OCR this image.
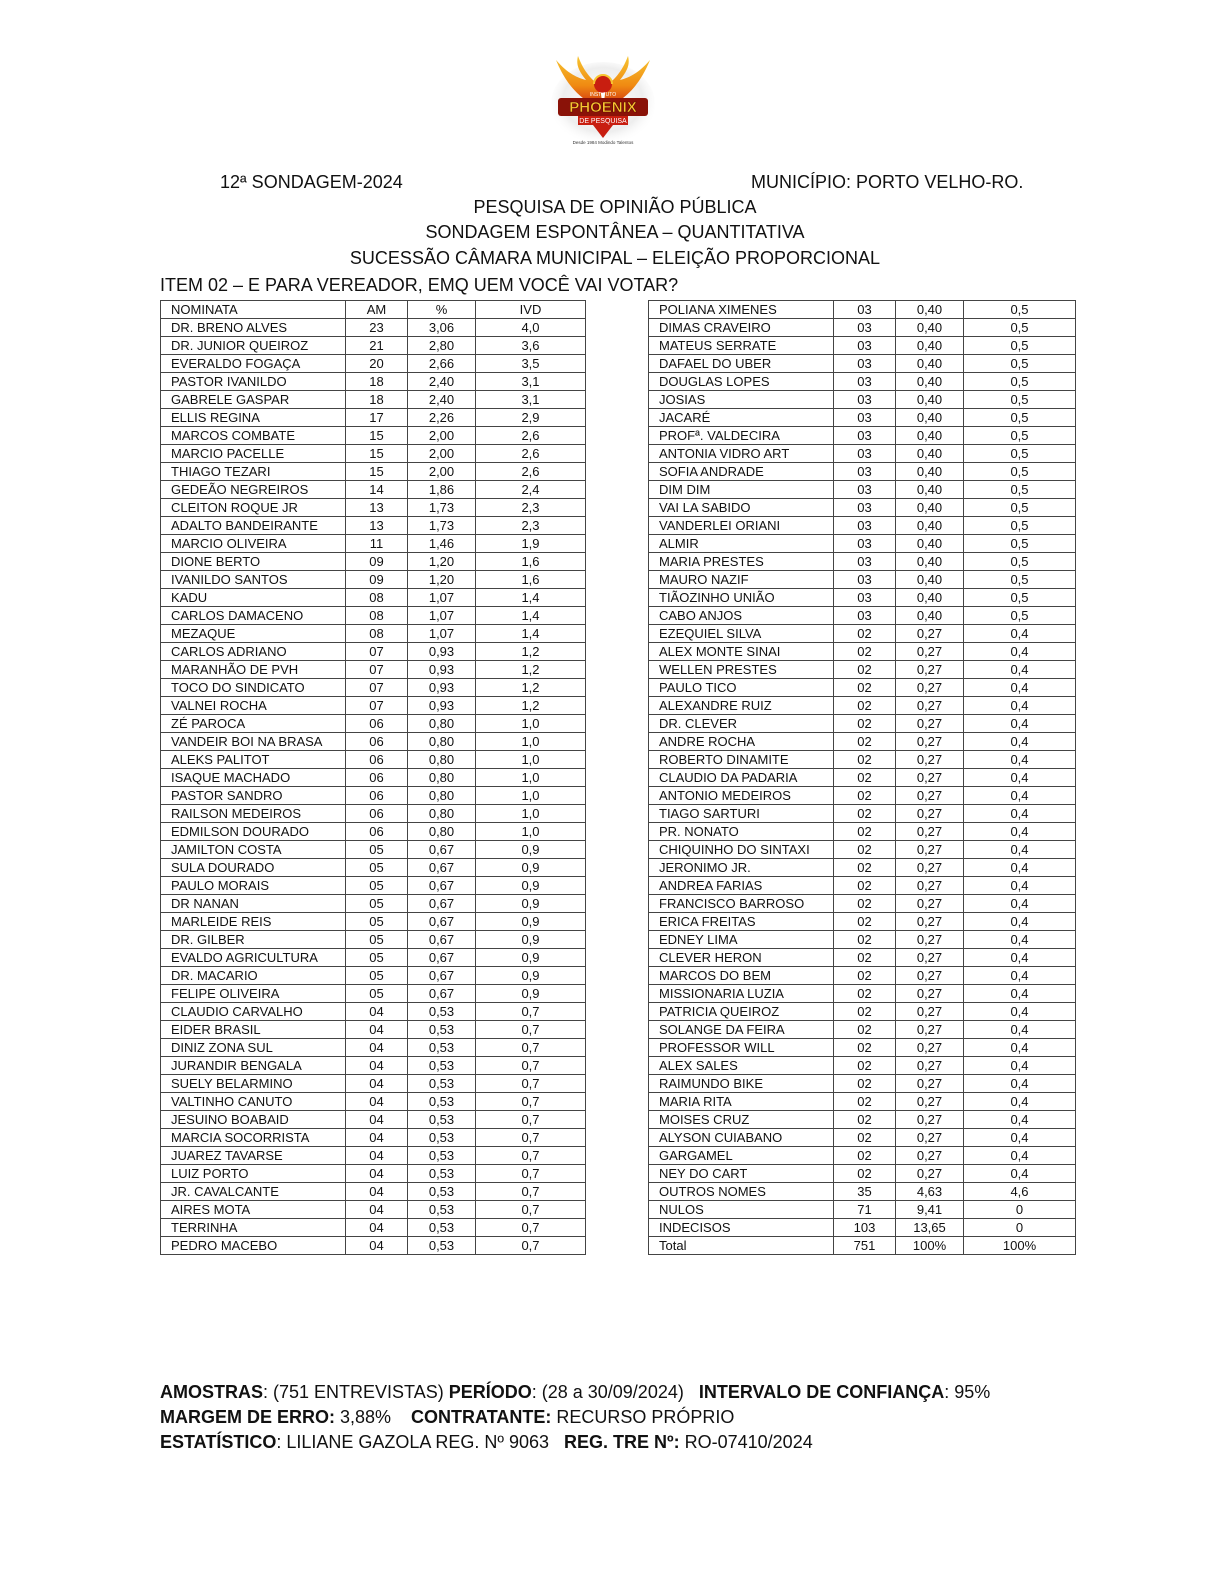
PHOENIX
DE PESQUISA
INSTITUTO
Desde 1984 Modindo Talentos
12ª SONDAGEM-2024	MUNICÍPIO: PORTO VELHO-RO.
PESQUISA DE OPINIÃO PÚBLICA
SONDAGEM ESPONTÂNEA – QUANTITATIVA
SUCESSÃO CÂMARA MUNICIPAL – ELEIÇÃO PROPORCIONAL
ITEM 02 – E PARA VEREADOR, EMQ UEM VOCÊ VAI VOTAR?
NOMINATA	AM	%	IVD
DR. BRENO ALVES	23	3,06	4,0
DR. JUNIOR QUEIROZ	21	2,80	3,6
EVERALDO FOGAÇA	20	2,66	3,5
PASTOR IVANILDO	18	2,40	3,1
GABRELE GASPAR	18	2,40	3,1
ELLIS REGINA	17	2,26	2,9
MARCOS COMBATE	15	2,00	2,6
MARCIO PACELLE	15	2,00	2,6
THIAGO TEZARI	15	2,00	2,6
GEDEÃO NEGREIROS	14	1,86	2,4
CLEITON ROQUE JR	13	1,73	2,3
ADALTO BANDEIRANTE	13	1,73	2,3
MARCIO OLIVEIRA	11	1,46	1,9
DIONE BERTO	09	1,20	1,6
IVANILDO SANTOS	09	1,20	1,6
KADU	08	1,07	1,4
CARLOS DAMACENO	08	1,07	1,4
MEZAQUE	08	1,07	1,4
CARLOS ADRIANO	07	0,93	1,2
MARANHÃO DE PVH	07	0,93	1,2
TOCO DO SINDICATO	07	0,93	1,2
VALNEI ROCHA	07	0,93	1,2
ZÉ PAROCA	06	0,80	1,0
VANDEIR BOI NA BRASA	06	0,80	1,0
ALEKS PALITOT	06	0,80	1,0
ISAQUE MACHADO	06	0,80	1,0
PASTOR SANDRO	06	0,80	1,0
RAILSON MEDEIROS	06	0,80	1,0
EDMILSON DOURADO	06	0,80	1,0
JAMILTON COSTA	05	0,67	0,9
SULA DOURADO	05	0,67	0,9
PAULO MORAIS	05	0,67	0,9
DR NANAN	05	0,67	0,9
MARLEIDE REIS	05	0,67	0,9
DR. GILBER	05	0,67	0,9
EVALDO AGRICULTURA	05	0,67	0,9
DR. MACARIO	05	0,67	0,9
FELIPE OLIVEIRA	05	0,67	0,9
CLAUDIO CARVALHO	04	0,53	0,7
EIDER BRASIL	04	0,53	0,7
DINIZ ZONA SUL	04	0,53	0,7
JURANDIR BENGALA	04	0,53	0,7
SUELY BELARMINO	04	0,53	0,7
VALTINHO CANUTO	04	0,53	0,7
JESUINO BOABAID	04	0,53	0,7
MARCIA SOCORRISTA	04	0,53	0,7
JUAREZ TAVARSE	04	0,53	0,7
LUIZ PORTO	04	0,53	0,7
JR. CAVALCANTE	04	0,53	0,7
AIRES MOTA	04	0,53	0,7
TERRINHA	04	0,53	0,7
PEDRO MACEBO	04	0,53	0,7
POLIANA XIMENES	03	0,40	0,5
DIMAS CRAVEIRO	03	0,40	0,5
MATEUS SERRATE	03	0,40	0,5
DAFAEL DO UBER	03	0,40	0,5
DOUGLAS LOPES	03	0,40	0,5
JOSIAS	03	0,40	0,5
JACARÉ	03	0,40	0,5
PROFª. VALDECIRA	03	0,40	0,5
ANTONIA VIDRO ART	03	0,40	0,5
SOFIA ANDRADE	03	0,40	0,5
DIM DIM	03	0,40	0,5
VAI LA SABIDO	03	0,40	0,5
VANDERLEI ORIANI	03	0,40	0,5
ALMIR	03	0,40	0,5
MARIA PRESTES	03	0,40	0,5
MAURO NAZIF	03	0,40	0,5
TIÃOZINHO UNIÃO	03	0,40	0,5
CABO ANJOS	03	0,40	0,5
EZEQUIEL SILVA	02	0,27	0,4
ALEX MONTE SINAI	02	0,27	0,4
WELLEN PRESTES	02	0,27	0,4
PAULO TICO	02	0,27	0,4
ALEXANDRE RUIZ	02	0,27	0,4
DR. CLEVER	02	0,27	0,4
ANDRE ROCHA	02	0,27	0,4
ROBERTO DINAMITE	02	0,27	0,4
CLAUDIO DA PADARIA	02	0,27	0,4
ANTONIO MEDEIROS	02	0,27	0,4
TIAGO SARTURI	02	0,27	0,4
PR. NONATO	02	0,27	0,4
CHIQUINHO DO SINTAXI	02	0,27	0,4
JERONIMO JR.	02	0,27	0,4
ANDREA FARIAS	02	0,27	0,4
FRANCISCO BARROSO	02	0,27	0,4
ERICA FREITAS	02	0,27	0,4
EDNEY LIMA	02	0,27	0,4
CLEVER HERON	02	0,27	0,4
MARCOS DO BEM	02	0,27	0,4
MISSIONARIA LUZIA	02	0,27	0,4
PATRICIA QUEIROZ	02	0,27	0,4
SOLANGE DA FEIRA	02	0,27	0,4
PROFESSOR WILL	02	0,27	0,4
ALEX SALES	02	0,27	0,4
RAIMUNDO BIKE	02	0,27	0,4
MARIA RITA	02	0,27	0,4
MOISES CRUZ	02	0,27	0,4
ALYSON CUIABANO	02	0,27	0,4
GARGAMEL	02	0,27	0,4
NEY DO CART	02	0,27	0,4
OUTROS NOMES	35	4,63	4,6
NULOS	71	9,41	0
INDECISOS	103	13,65	0
Total	751	100%	100%
AMOSTRAS: (751 ENTREVISTAS) PERÍODO: (28 a 30/09/2024)   INTERVALO DE CONFIANÇA: 95%
MARGEM DE ERRO: 3,88%    CONTRATANTE: RECURSO PRÓPRIO
ESTATÍSTICO: LILIANE GAZOLA REG. Nº 9063   REG. TRE Nº: RO-07410/2024
